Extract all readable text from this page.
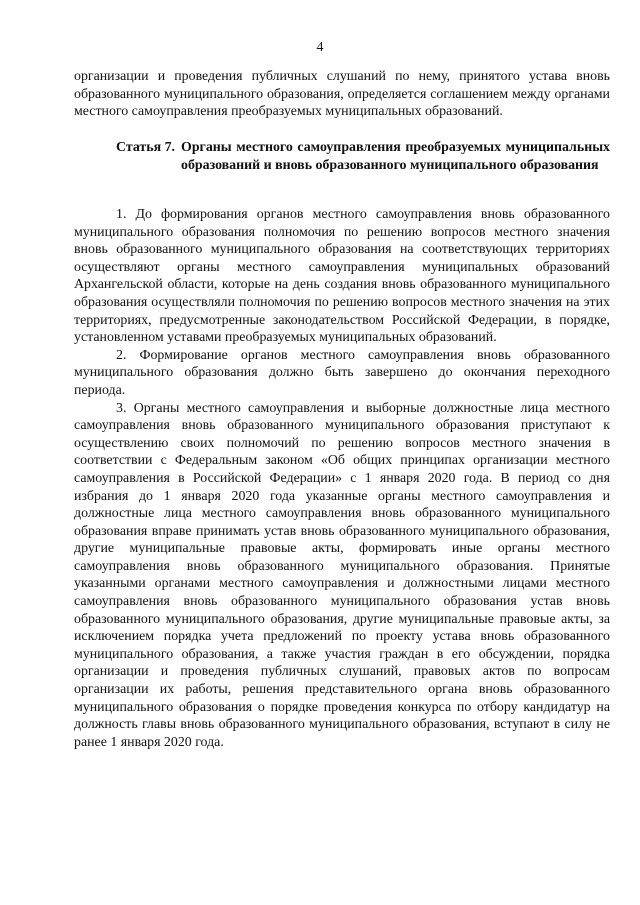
4
организации и проведения публичных слушаний по нему, принятого устава вновь образованного муниципального образования, определяется соглашением между органами местного самоуправления преобразуемых муниципальных образований.
Статья 7. Органы местного самоуправления преобразуемых муниципальных образований и вновь образованного муниципального образования

1. До формирования органов местного самоуправления вновь образованного муниципального образования полномочия по решению вопросов местного значения вновь образованного муниципального образования на соответствующих территориях осуществляют органы местного самоуправления муниципальных образований Архангельской области, которые на день создания вновь образованного муниципального образования осуществляли полномочия по решению вопросов местного значения на этих территориях, предусмотренные законодательством Российской Федерации, в порядке, установленном уставами преобразуемых муниципальных образований.

2. Формирование органов местного самоуправления вновь образованного муниципального образования должно быть завершено до окончания переходного периода.

3. Органы местного самоуправления и выборные должностные лица местного самоуправления вновь образованного муниципального образования приступают к осуществлению своих полномочий по решению вопросов местного значения в соответствии с Федеральным законом «Об общих принципах организации местного самоуправления в Российской Федерации» с 1 января 2020 года. В период со дня избрания до 1 января 2020 года указанные органы местного самоуправления и должностные лица местного самоуправления вновь образованного муниципального образования вправе принимать устав вновь образованного муниципального образования, другие муниципальные правовые акты, формировать иные органы местного самоуправления вновь образованного муниципального образования. Принятые указанными органами местного самоуправления и должностными лицами местного самоуправления вновь образованного муниципального образования устав вновь образованного муниципального образования, другие муниципальные правовые акты, за исключением порядка учета предложений по проекту устава вновь образованного муниципального образования, а также участия граждан в его обсуждении, порядка организации и проведения публичных слушаний, правовых актов по вопросам организации их работы, решения представительного органа вновь образованного муниципального образования о порядке проведения конкурса по отбору кандидатур на должность главы вновь образованного муниципального образования, вступают в силу не ранее 1 января 2020 года.
